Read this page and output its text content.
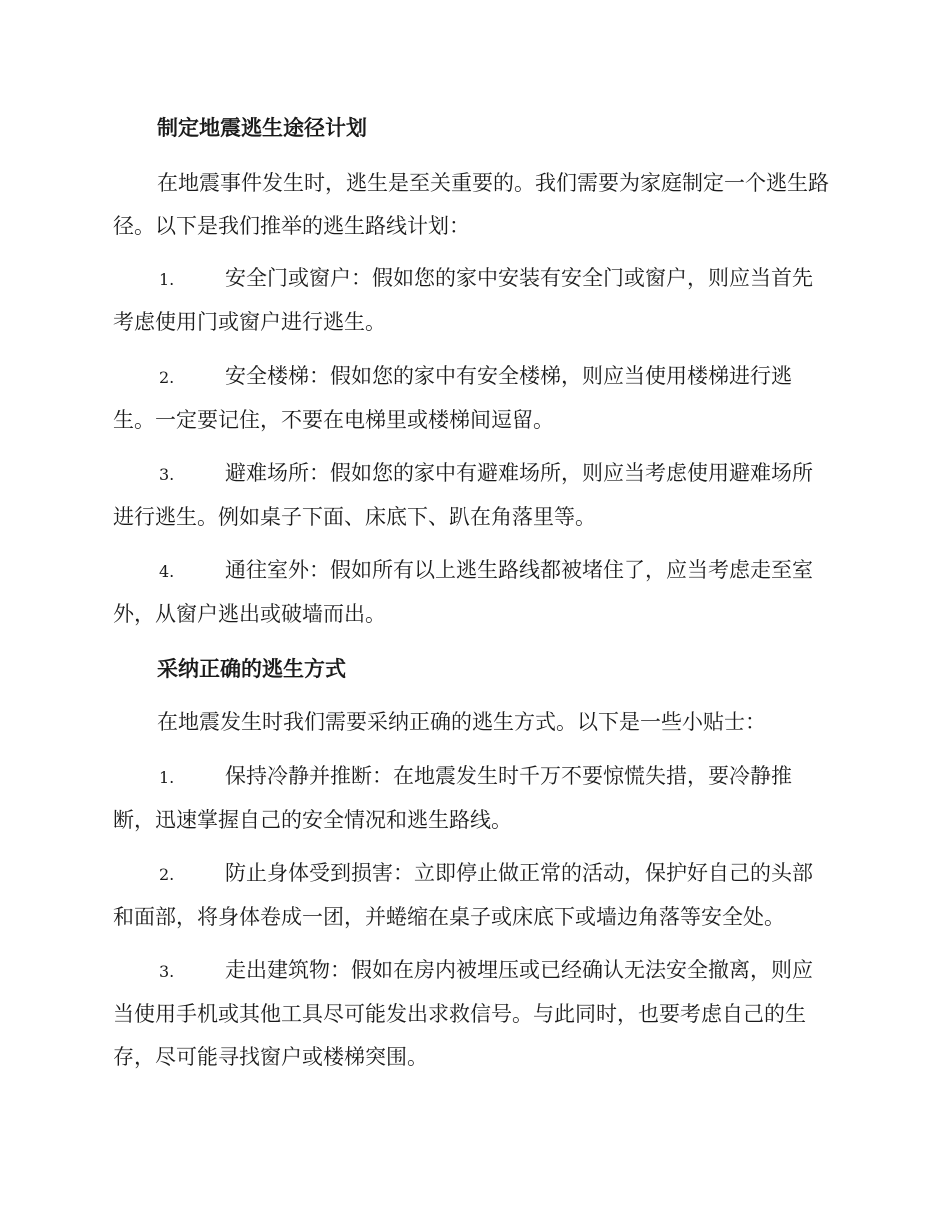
制定地震逃生途径计划

在地震事件发生时，逃生是至关重要的。我们需要为家庭制定一个逃生路径。以下是我们推举的逃生路线计划：

1. 安全门或窗户：假如您的家中安装有安全门或窗户，则应当首先考虑使用门或窗户进行逃生。

2. 安全楼梯：假如您的家中有安全楼梯，则应当使用楼梯进行逃生。一定要记住，不要在电梯里或楼梯间逗留。

3. 避难场所：假如您的家中有避难场所，则应当考虑使用避难场所进行逃生。例如桌子下面、床底下、趴在角落里等。

4. 通往室外：假如所有以上逃生路线都被堵住了，应当考虑走至室外，从窗户逃出或破墙而出。

采纳正确的逃生方式

在地震发生时我们需要采纳正确的逃生方式。以下是一些小贴士：

1. 保持冷静并推断：在地震发生时千万不要惊慌失措，要冷静推断，迅速掌握自己的安全情况和逃生路线。

2. 防止身体受到损害：立即停止做正常的活动，保护好自己的头部和面部，将身体卷成一团，并蜷缩在桌子或床底下或墙边角落等安全处。

3. 走出建筑物：假如在房内被埋压或已经确认无法安全撤离，则应当使用手机或其他工具尽可能发出求救信号。与此同时，也要考虑自己的生存，尽可能寻找窗户或楼梯突围。
